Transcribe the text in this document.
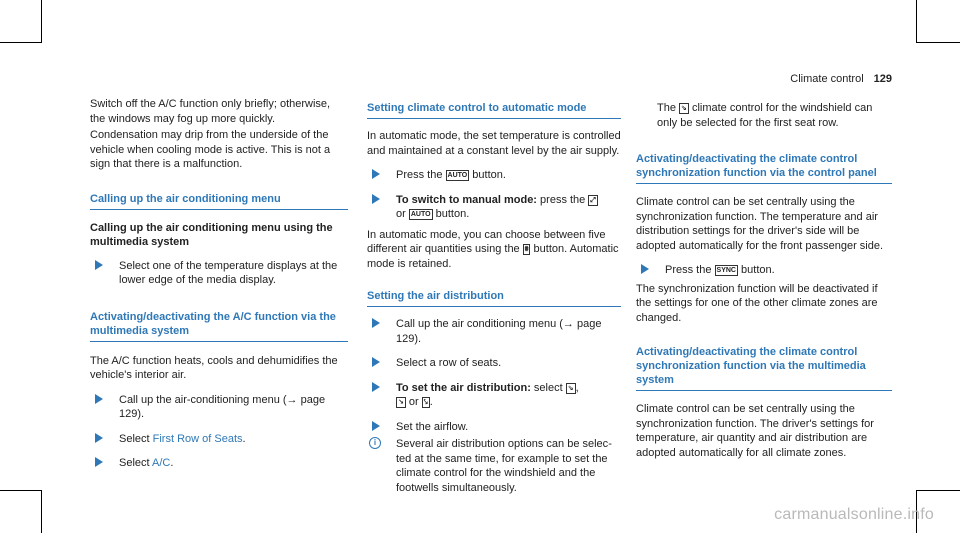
Climate control 129

Switch off the A/C function only briefly; otherwise, the windows may fog up more quickly.

Condensation may drip from the underside of the vehicle when cooling mode is active. This is not a sign that there is a malfunction.

Calling up the air conditioning menu

Calling up the air conditioning menu using the multimedia system

Select one of the temperature displays at the lower edge of the media display.
Activating/deactivating the A/C function via the multimedia system

The A/C function heats, cools and dehumidifies the vehicle's interior air.

Call up the air-conditioning menu (→ page 129).
Select First Row of Seats.
Select A/C.
Setting climate control to automatic mode

In automatic mode, the set temperature is controlled and maintained at a constant level by the air supply.

Press the AUTO button.
To switch to manual mode: press the ⤢
or AUTO button.

In automatic mode, you can choose between five different air quantities using the ⩩ button. Automatic mode is retained.

Setting the air distribution
Call up the air conditioning menu (→ page 129).
Select a row of seats.
To set the air distribution: select ⇘ ,
↘ or ⤥ .
Set the airflow.
i	Several air distribution options can be selected at the same time, for example to set the climate control for the windshield and the footwells simultaneously.
The ⇘ climate control for the windshield can only be selected for the first seat row.
Activating/deactivating the climate control synchronization function via the control panel

Climate control can be set centrally using the synchronization function. The temperature and air distribution settings for the driver's side will be adopted automatically for the front passenger side.

Press the SYNC button.

The synchronization function will be deactivated if the settings for one of the other climate zones are changed.

Activating/deactivating the climate control synchronization function via the multimedia system

Climate control can be set centrally using the synchronization function. The driver's settings for temperature, air quantity and air distribution are adopted automatically for all climate zones.

carmanualsonline.info
